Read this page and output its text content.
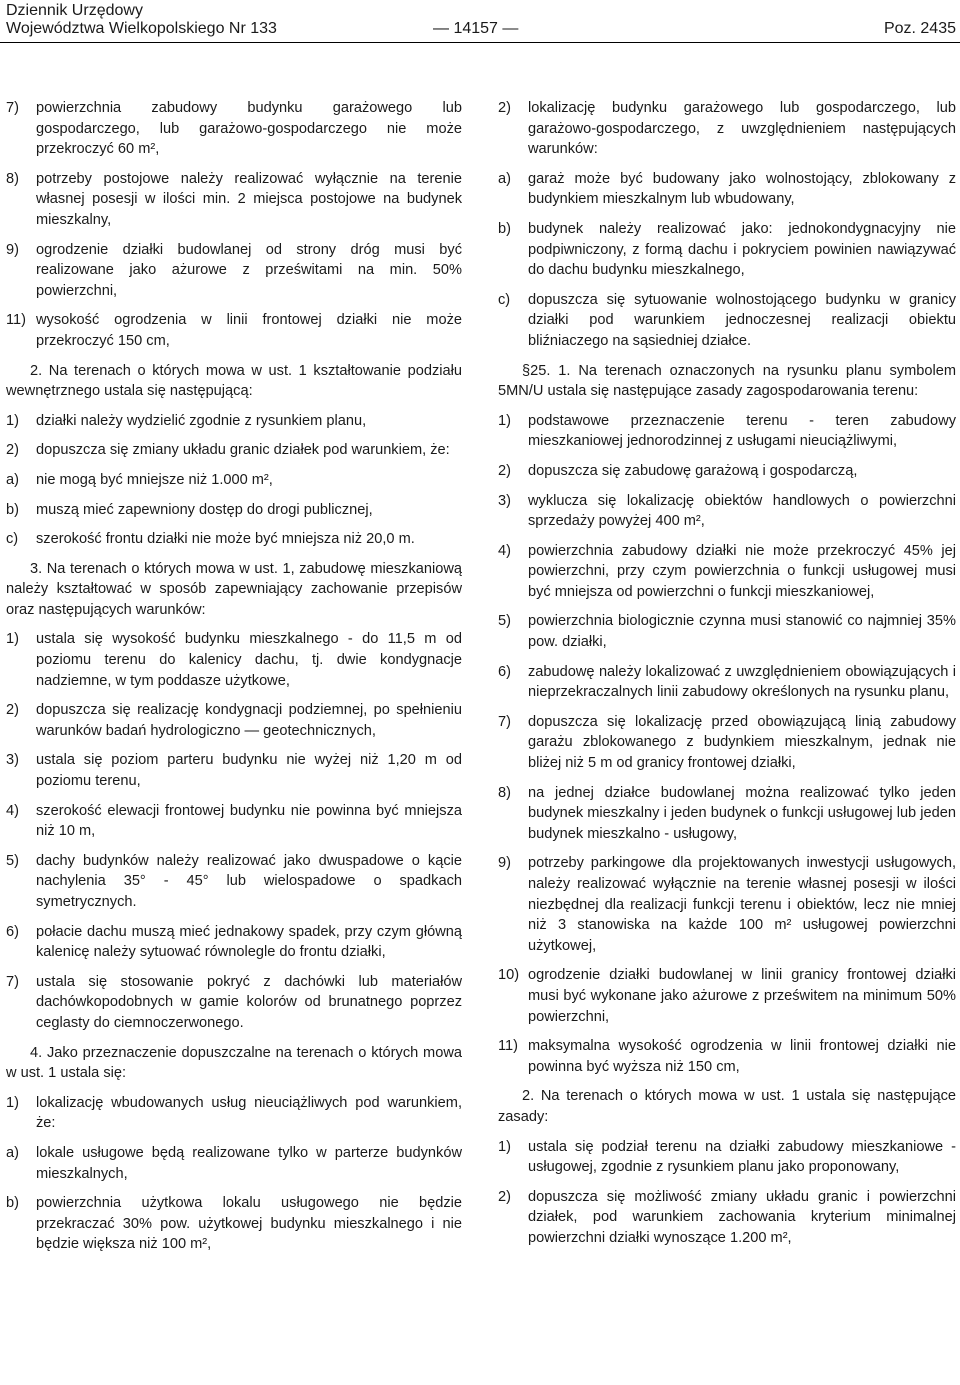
Dziennik Urzędowy
Województwa Wielkopolskiego Nr 133	— 14157 —	Poz. 2435
7) powierzchnia zabudowy budynku garażowego lub gospodarczego, lub garażowo-gospodarczego nie może przekroczyć 60 m²,
8) potrzeby postojowe należy realizować wyłącznie na terenie własnej posesji w ilości min. 2 miejsca postojowe na budynek mieszkalny,
9) ogrodzenie działki budowlanej od strony dróg musi być realizowane jako ażurowe z prześwitami na min. 50% powierzchni,
11) wysokość ogrodzenia w linii frontowej działki nie może przekroczyć 150 cm,
2. Na terenach o których mowa w ust. 1 kształtowanie podziału wewnętrznego ustala się następującą:
1) działki należy wydzielić zgodnie z rysunkiem planu,
2) dopuszcza się zmiany układu granic działek pod warunkiem, że:
a) nie mogą być mniejsze niż 1.000 m²,
b) muszą mieć zapewniony dostęp do drogi publicznej,
c) szerokość frontu działki nie może być mniejsza niż 20,0 m.
3. Na terenach o których mowa w ust. 1, zabudowę mieszkaniową należy kształtować w sposób zapewniający zachowanie przepisów oraz następujących warunków:
1) ustala się wysokość budynku mieszkalnego - do 11,5 m od poziomu terenu do kalenicy dachu, tj. dwie kondygnacje nadziemne, w tym poddasze użytkowe,
2) dopuszcza się realizację kondygnacji podziemnej, po spełnieniu warunków badań hydrologiczno — geotechnicznych,
3) ustala się poziom parteru budynku nie wyżej niż 1,20 m od poziomu terenu,
4) szerokość elewacji frontowej budynku nie powinna być mniejsza niż 10 m,
5) dachy budynków należy realizować jako dwuspadowe o kącie nachylenia 35° - 45° lub wielospadowe o spadkach symetrycznych.
6) połacie dachu muszą mieć jednakowy spadek, przy czym główną kalenicę należy sytuować równolegle do frontu działki,
7) ustala się stosowanie pokryć z dachówki lub materiałów dachówkopodobnych w gamie kolorów od brunatnego poprzez ceglasty do ciemnoczerwonego.
4. Jako przeznaczenie dopuszczalne na terenach o których mowa w ust. 1 ustala się:
1) lokalizację wbudowanych usług nieuciążliwych pod warunkiem, że:
a) lokale usługowe będą realizowane tylko w parterze budynków mieszkalnych,
b) powierzchnia użytkowa lokalu usługowego nie będzie przekraczać 30% pow. użytkowej budynku mieszkalnego i nie będzie większa niż 100 m²,
2) lokalizację budynku garażowego lub gospodarczego, lub garażowo-gospodarczego, z uwzględnieniem następujących warunków:
a) garaż może być budowany jako wolnostojący, zblokowany z budynkiem mieszkalnym lub wbudowany,
b) budynek należy realizować jako: jednokondygnacyjny nie podpiwniczony, z formą dachu i pokryciem powinien nawiązywać do dachu budynku mieszkalnego,
c) dopuszcza się sytuowanie wolnostojącego budynku w granicy działki pod warunkiem jednoczesnej realizacji obiektu bliźniaczego na sąsiedniej działce.
§25. 1. Na terenach oznaczonych na rysunku planu symbolem 5MN/U ustala się następujące zasady zagospodarowania terenu:
1) podstawowe przeznaczenie terenu - teren zabudowy mieszkaniowej jednorodzinnej z usługami nieuciążliwymi,
2) dopuszcza się zabudowę garażową i gospodarczą,
3) wyklucza się lokalizację obiektów handlowych o powierzchni sprzedaży powyżej 400 m²,
4) powierzchnia zabudowy działki nie może przekroczyć 45% jej powierzchni, przy czym powierzchnia o funkcji usługowej musi być mniejsza od powierzchni o funkcji mieszkaniowej,
5) powierzchnia biologicznie czynna musi stanowić co najmniej 35% pow. działki,
6) zabudowę należy lokalizować z uwzględnieniem obowiązujących i nieprzekraczalnych linii zabudowy określonych na rysunku planu,
7) dopuszcza się lokalizację przed obowiązującą linią zabudowy garażu zblokowanego z budynkiem mieszkalnym, jednak nie bliżej niż 5 m od granicy frontowej działki,
8) na jednej działce budowlanej można realizować tylko jeden budynek mieszkalny i jeden budynek o funkcji usługowej lub jeden budynek mieszkalno - usługowy,
9) potrzeby parkingowe dla projektowanych inwestycji usługowych, należy realizować wyłącznie na terenie własnej posesji w ilości niezbędnej dla realizacji funkcji terenu i obiektów, lecz nie mniej niż 3 stanowiska na każde 100 m² usługowej powierzchni użytkowej,
10) ogrodzenie działki budowlanej w linii granicy frontowej działki musi być wykonane jako ażurowe z prześwitem na minimum 50% powierzchni,
11) maksymalna wysokość ogrodzenia w linii frontowej działki nie powinna być wyższa niż 150 cm,
2. Na terenach o których mowa w ust. 1 ustala się następujące zasady:
1) ustala się podział terenu na działki zabudowy mieszkaniowe - usługowej, zgodnie z rysunkiem planu jako proponowany,
2) dopuszcza się możliwość zmiany układu granic i powierzchni działek, pod warunkiem zachowania kryterium minimalnej powierzchni działki wynoszące 1.200 m²,
